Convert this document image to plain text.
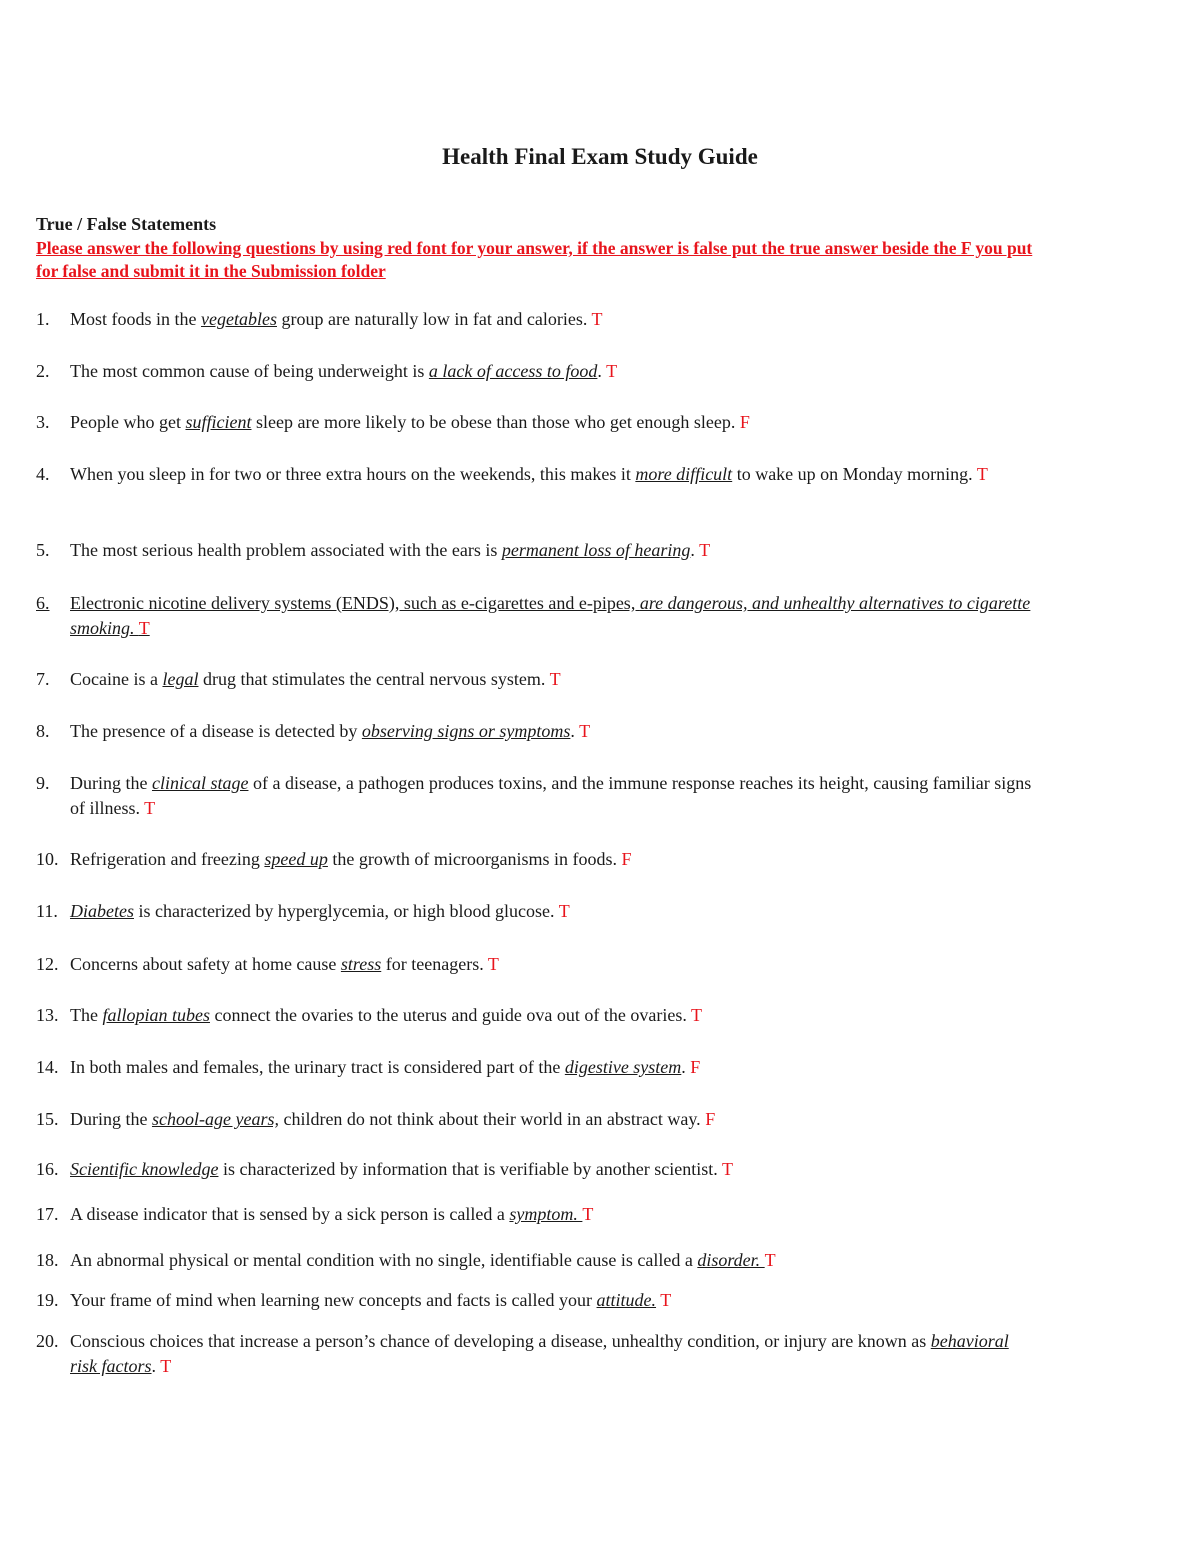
Health Final Exam Study Guide
True / False Statements
Please answer the following questions by using red font for your answer, if the answer is false put the true answer beside the F you put for false and submit it in the Submission folder
1.	Most foods in the vegetables group are naturally low in fat and calories. T
2.	The most common cause of being underweight is a lack of access to food. T
3.	People who get sufficient sleep are more likely to be obese than those who get enough sleep. F
4.	When you sleep in for two or three extra hours on the weekends, this makes it more difficult to wake up on Monday morning. T
5.	The most serious health problem associated with the ears is permanent loss of hearing. T
6.	Electronic nicotine delivery systems (ENDS), such as e-cigarettes and e-pipes, are dangerous, and unhealthy alternatives to cigarette smoking. T
7.	Cocaine is a legal drug that stimulates the central nervous system. T
8.	The presence of a disease is detected by observing signs or symptoms. T
9.	During the clinical stage of a disease, a pathogen produces toxins, and the immune response reaches its height, causing familiar signs of illness. T
10. Refrigeration and freezing speed up the growth of microorganisms in foods. F
11. Diabetes is characterized by hyperglycemia, or high blood glucose. T
12. Concerns about safety at home cause stress for teenagers. T
13. The fallopian tubes connect the ovaries to the uterus and guide ova out of the ovaries. T
14. In both males and females, the urinary tract is considered part of the digestive system. F
15. During the school-age years, children do not think about their world in an abstract way. F
16. Scientific knowledge is characterized by information that is verifiable by another scientist. T
17. A disease indicator that is sensed by a sick person is called a symptom. T
18. An abnormal physical or mental condition with no single, identifiable cause is called a disorder. T
19. Your frame of mind when learning new concepts and facts is called your attitude. T
20. Conscious choices that increase a person’s chance of developing a disease, unhealthy condition, or injury are known as behavioral risk factors. T
